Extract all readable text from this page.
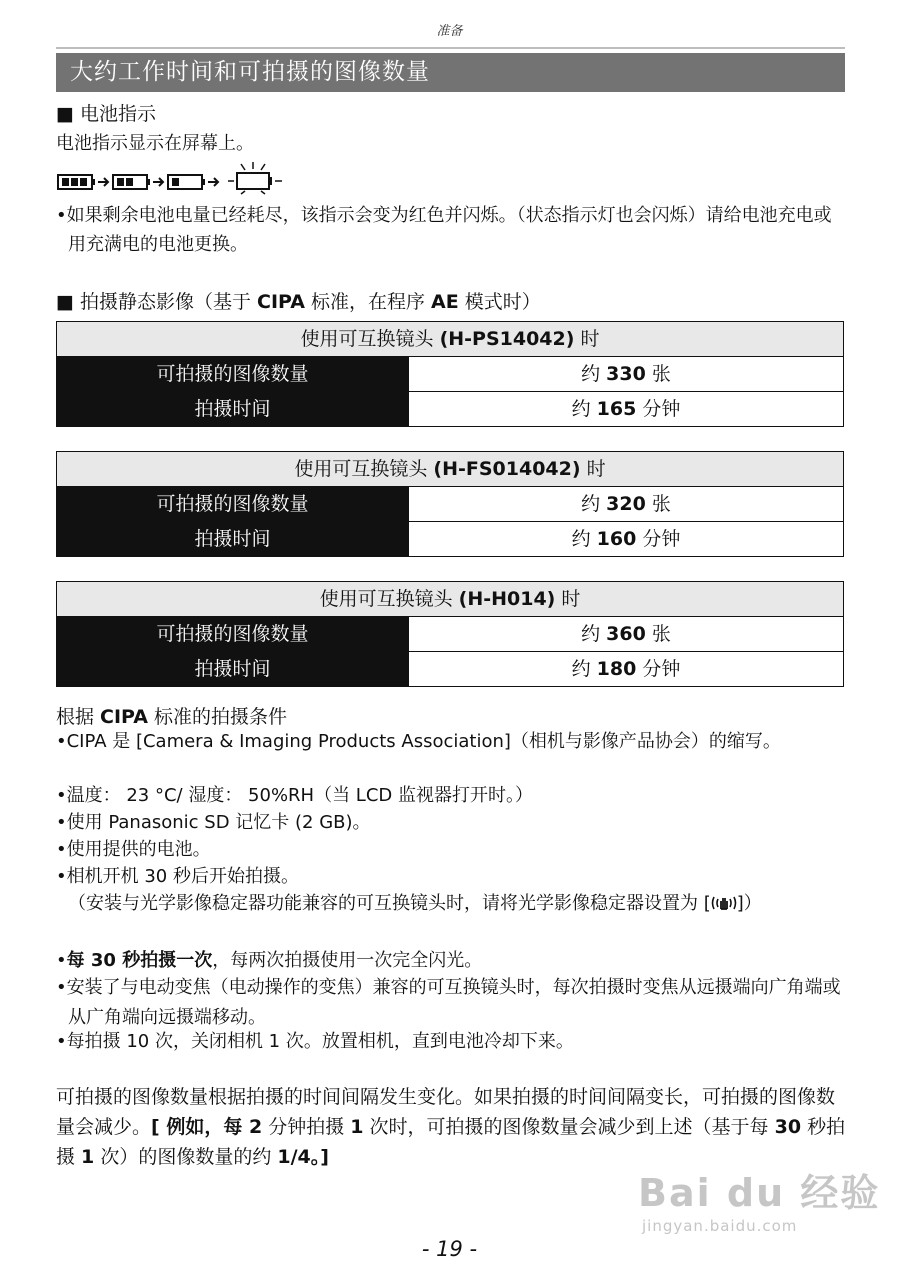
准备
大约工作时间和可拍摄的图像数量
■ 电池指示
电池指示显示在屏幕上。
•如果剩余电池电量已经耗尽，该指示会变为红色并闪烁。（状态指示灯也会闪烁）请给电池充电或用充满电的电池更换。
■ 拍摄静态影像（基于 CIPA 标准，在程序 AE 模式时）
使用可互换镜头 (H-PS14042) 时
可拍摄的图像数量	约 330 张
拍摄时间	约 165 分钟
使用可互换镜头 (H-FS014042) 时
可拍摄的图像数量	约 320 张
拍摄时间	约 160 分钟
使用可互换镜头 (H-H014) 时
可拍摄的图像数量	约 360 张
拍摄时间	约 180 分钟
根据 CIPA 标准的拍摄条件
•CIPA 是 [Camera & Imaging Products Association]（相机与影像产品协会）的缩写。
•温度： 23 °C/ 湿度： 50%RH（当 LCD 监视器打开时。）
•使用 Panasonic SD 记忆卡 (2 GB)。
•使用提供的电池。
•相机开机 30 秒后开始拍摄。
（安装与光学影像稳定器功能兼容的可互换镜头时，请将光学影像稳定器设置为 [ ]）
•每 30 秒拍摄一次，每两次拍摄使用一次完全闪光。
•安装了与电动变焦（电动操作的变焦）兼容的可互换镜头时，每次拍摄时变焦从远摄端向广角端或从广角端向远摄端移动。
•每拍摄 10 次，关闭相机 1 次。放置相机，直到电池冷却下来。
可拍摄的图像数量根据拍摄的时间间隔发生变化。如果拍摄的时间间隔变长，可拍摄的图像数量会减少。[ 例如，每 2 分钟拍摄 1 次时，可拍摄的图像数量会减少到上述（基于每 30 秒拍摄 1 次）的图像数量的约 1/4。]
Bai du 经验
jingyan.baidu.com
- 19 -
